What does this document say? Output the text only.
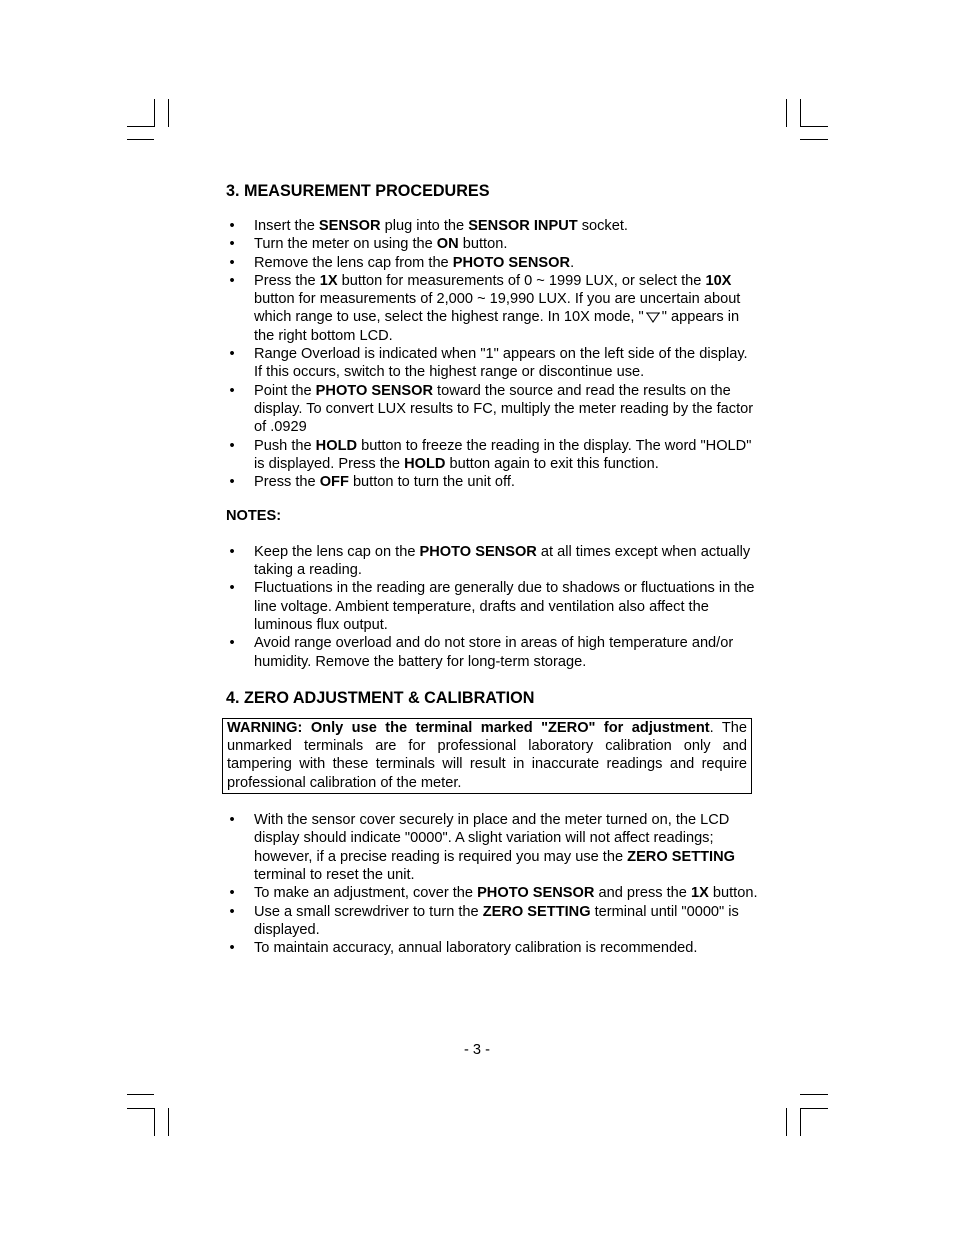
3. MEASUREMENT PROCEDURES
• Insert the SENSOR plug into the SENSOR INPUT socket.
• Turn the meter on using the ON button.
• Remove the lens cap from the PHOTO SENSOR.
• Press the 1X button for measurements of 0 ~ 1999 LUX, or select the 10X button for measurements of 2,000 ~ 19,990 LUX. If you are uncertain about which range to use, select the highest range. In 10X mode, " " appears in the right bottom LCD.
• Range Overload is indicated when "1" appears on the left side of the display. If this occurs, switch to the highest range or discontinue use.
• Point the PHOTO SENSOR toward the source and read the results on the display. To convert LUX results to FC, multiply the meter reading by the factor of .0929
• Push the HOLD button to freeze the reading in the display. The word "HOLD" is displayed. Press the HOLD button again to exit this function.
• Press the OFF button to turn the unit off.
NOTES:
• Keep the lens cap on the PHOTO SENSOR at all times except when actually taking a reading.
• Fluctuations in the reading are generally due to shadows or fluctuations in the line voltage. Ambient temperature, drafts and ventilation also affect the luminous flux output.
• Avoid range overload and do not store in areas of high temperature and/or humidity. Remove the battery for long-term storage.
4. ZERO ADJUSTMENT & CALIBRATION
WARNING: Only use the terminal marked "ZERO" for adjustment. The unmarked terminals are for professional laboratory calibration only and tampering with these terminals will result in inaccurate readings and require professional calibration of the meter.
• With the sensor cover securely in place and the meter turned on, the LCD display should indicate "0000". A slight variation will not affect readings; however, if a precise reading is required you may use the ZERO SETTING terminal to reset the unit.
• To make an adjustment, cover the PHOTO SENSOR and press the 1X button.
• Use a small screwdriver to turn the ZERO SETTING terminal until "0000" is displayed.
• To maintain accuracy, annual laboratory calibration is recommended.
- 3 -
